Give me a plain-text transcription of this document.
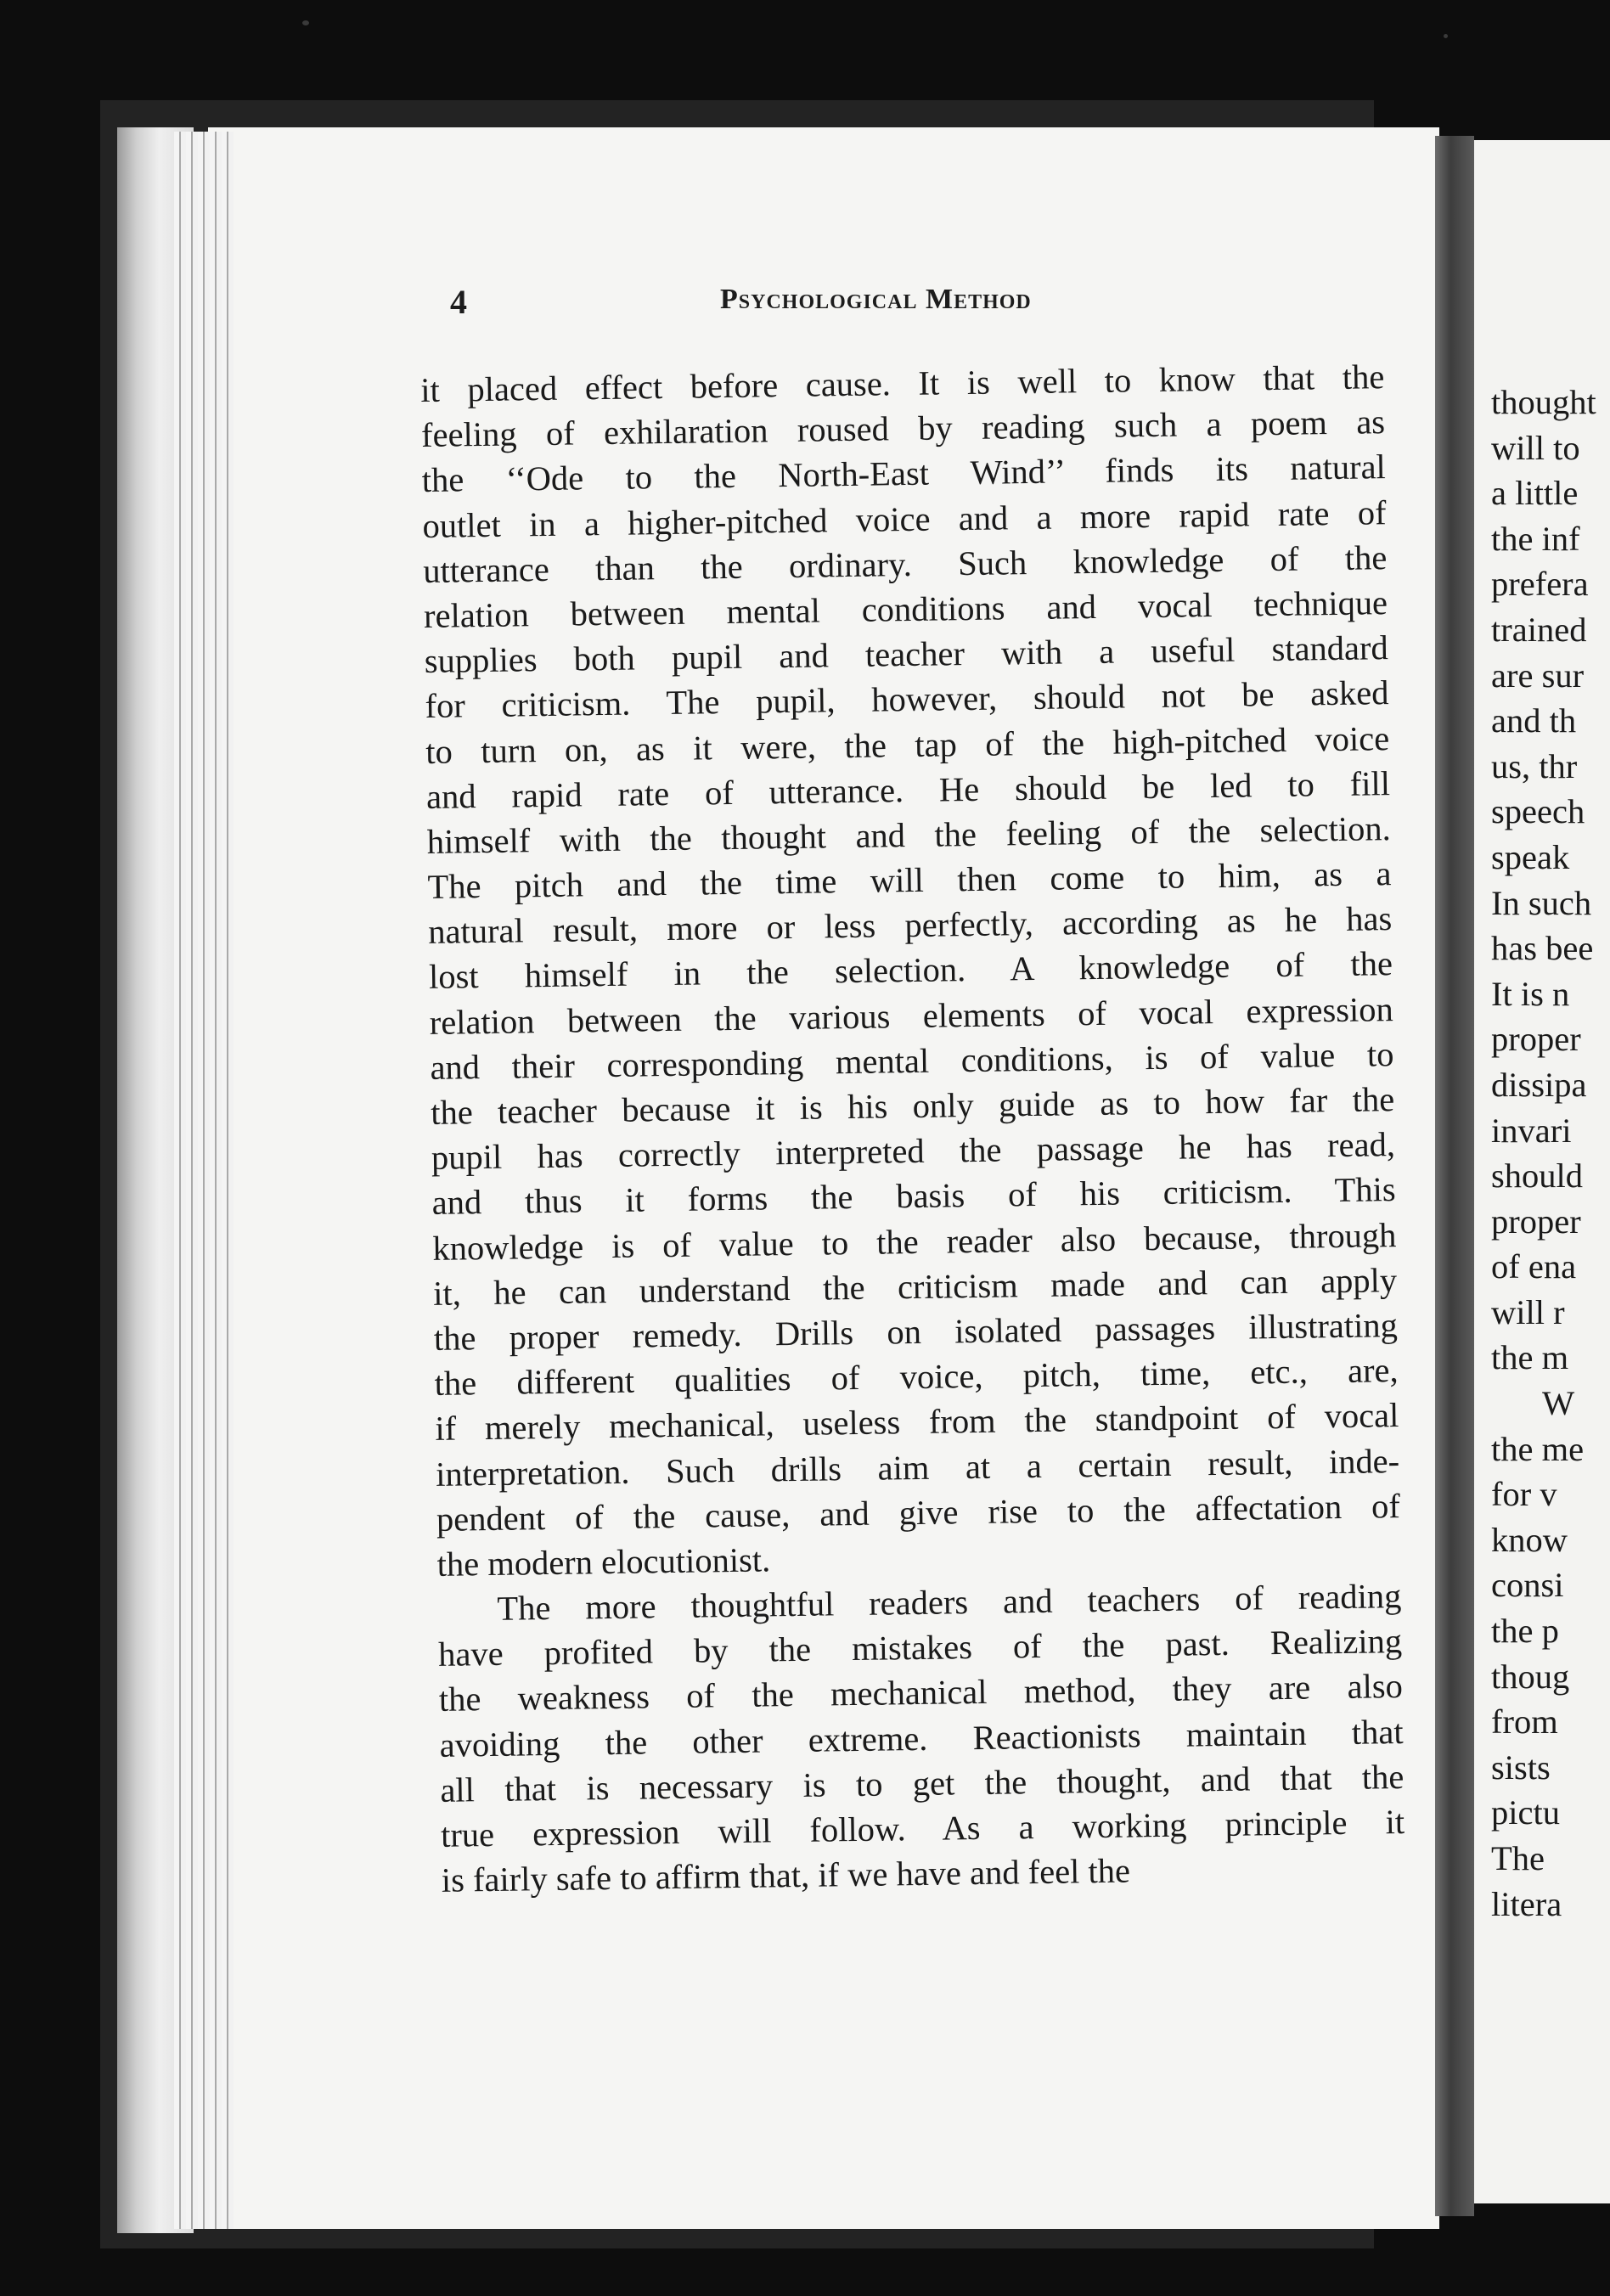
thought
will to
a little
the inf
prefera
trained
are sur
and th
us, thr
speech
speak
In such
has bee
It is n
proper
dissipa
invari
should
proper
of ena
will r
the m
W
the me
for v
know
consi
the p
thoug
from
sists
pictu
The
litera
4	Psychological Method
it placed effect before cause. It is well to know that the
feeling of exhilaration roused by reading such a poem as
the ‘‘Ode to the North-East Wind’’ finds its natural
outlet in a higher-pitched voice and a more rapid rate of
utterance than the ordinary. Such knowledge of the
relation between mental conditions and vocal technique
supplies both pupil and teacher with a useful standard
for criticism. The pupil, however, should not be asked
to turn on, as it were, the tap of the high-pitched voice
and rapid rate of utterance. He should be led to fill
himself with the thought and the feeling of the selection.
The pitch and the time will then come to him, as a
natural result, more or less perfectly, according as he has
lost himself in the selection. A knowledge of the
relation between the various elements of vocal expression
and their corresponding mental conditions, is of value to
the teacher because it is his only guide as to how far the
pupil has correctly interpreted the passage he has read,
and thus it forms the basis of his criticism. This
knowledge is of value to the reader also because, through
it, he can understand the criticism made and can apply
the proper remedy. Drills on isolated passages illustrating
the different qualities of voice, pitch, time, etc., are,
if merely mechanical, useless from the standpoint of vocal
interpretation. Such drills aim at a certain result, inde-
pendent of the cause, and give rise to the affectation of
the modern elocutionist.
The more thoughtful readers and teachers of reading
have profited by the mistakes of the past. Realizing
the weakness of the mechanical method, they are also
avoiding the other extreme. Reactionists maintain that
all that is necessary is to get the thought, and that the
true expression will follow. As a working principle it
is fairly safe to affirm that, if we have and feel the
